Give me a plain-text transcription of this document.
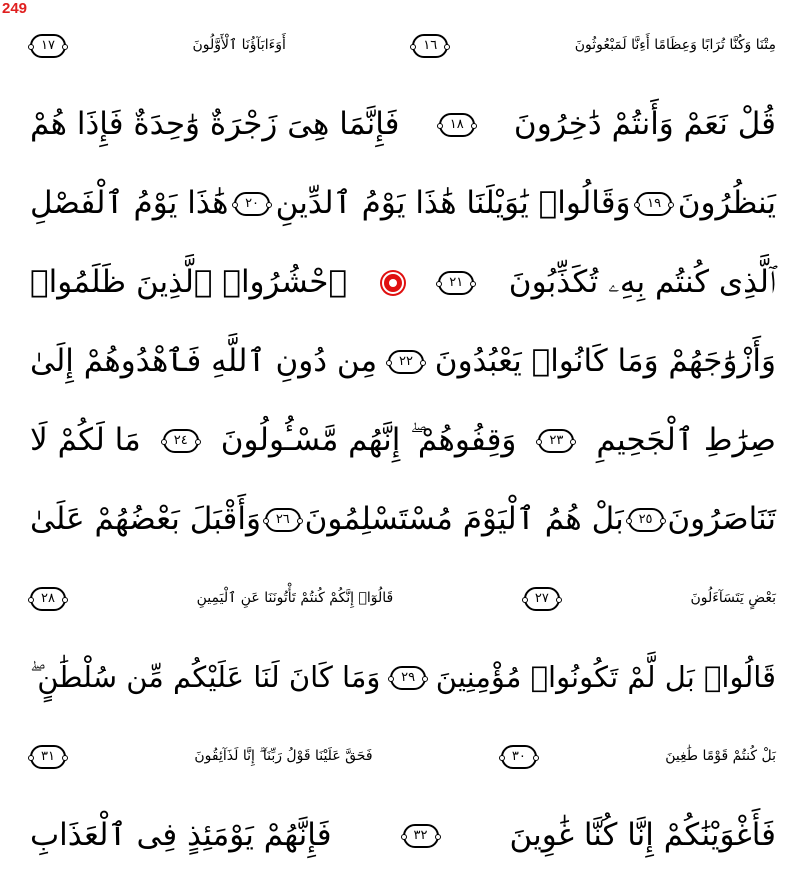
249
مِتْنَا وَكُنَّا تُرَابًا وَعِظَامًا أَءِنَّا لَمَبْعُوثُونَ
١٦
أَوَءَابَآؤُنَا ٱلْأَوَّلُونَ
١٧
قُلْ نَعَمْ وَأَنتُمْ دَٰخِرُونَ
١٨
فَإِنَّمَا هِىَ زَجْرَةٌ وَٰحِدَةٌ فَإِذَا هُمْ
يَنظُرُونَ
١٩
وَقَالُوا۟ يَٰوَيْلَنَا هَٰذَا يَوْمُ ٱلدِّينِ
٢٠
هَٰذَا يَوْمُ ٱلْفَصْلِ
ٱلَّذِى كُنتُم بِهِۦ تُكَذِّبُونَ
٢١
ٱحْشُرُوا۟ ٱلَّذِينَ ظَلَمُوا۟
وَأَزْوَٰجَهُمْ وَمَا كَانُوا۟ يَعْبُدُونَ
٢٢
مِن دُونِ ٱللَّهِ فَٱهْدُوهُمْ إِلَىٰ
صِرَٰطِ ٱلْجَحِيمِ
٢٣
وَقِفُوهُمْ ۖ إِنَّهُم مَّسْـُٔولُونَ
٢٤
مَا لَكُمْ لَا
تَنَاصَرُونَ
٢٥
بَلْ هُمُ ٱلْيَوْمَ مُسْتَسْلِمُونَ
٢٦
وَأَقْبَلَ بَعْضُهُمْ عَلَىٰ
بَعْضٍ يَتَسَآءَلُونَ
٢٧
قَالُوٓا۟ إِنَّكُمْ كُنتُمْ تَأْتُونَنَا عَنِ ٱلْيَمِينِ
٢٨
قَالُوا۟ بَل لَّمْ تَكُونُوا۟ مُؤْمِنِينَ
٢٩
وَمَا كَانَ لَنَا عَلَيْكُم مِّن سُلْطَٰنٍ ۖ
بَلْ كُنتُمْ قَوْمًا طَٰغِينَ
٣٠
فَحَقَّ عَلَيْنَا قَوْلُ رَبِّنَآ ۖ إِنَّا لَذَآئِقُونَ
٣١
فَأَغْوَيْنَٰكُمْ إِنَّا كُنَّا غَٰوِينَ
٣٢
فَإِنَّهُمْ يَوْمَئِذٍ فِى ٱلْعَذَابِ
